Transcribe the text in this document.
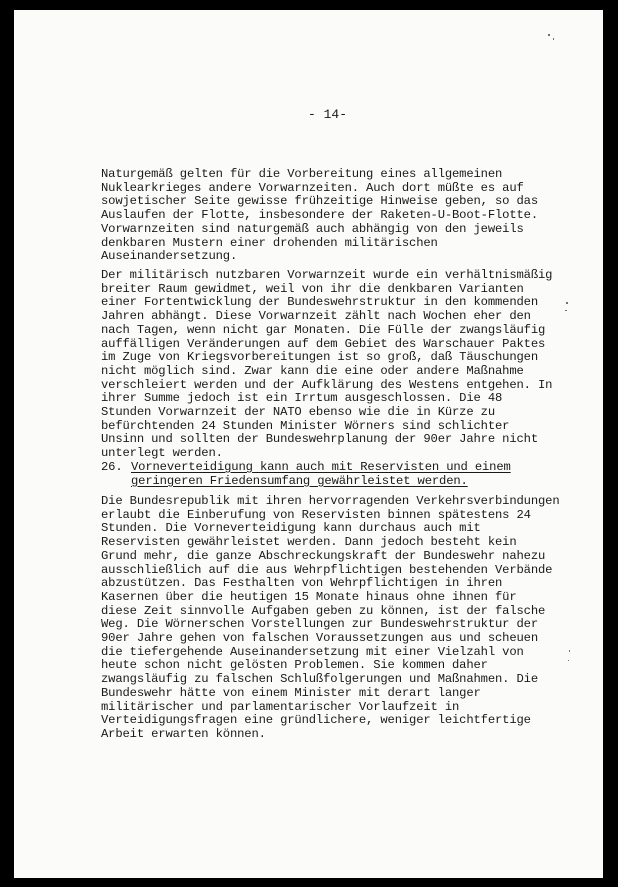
- 14-
Naturgemäß gelten für die Vorbereitung eines allgemeinen
Nuklearkrieges andere Vorwarnzeiten. Auch dort müßte es auf
sowjetischer Seite gewisse frühzeitige Hinweise geben, so das
Auslaufen der Flotte, insbesondere der Raketen-U-Boot-Flotte.
Vorwarnzeiten sind naturgemäß auch abhängig von den jeweils
denkbaren Mustern einer drohenden militärischen
Auseinandersetzung.
Der militärisch nutzbaren Vorwarnzeit wurde ein verhältnismäßig
breiter Raum gewidmet, weil von ihr die denkbaren Varianten
einer Fortentwicklung der Bundeswehrstruktur in den kommenden
Jahren abhängt. Diese Vorwarnzeit zählt nach Wochen eher den
nach Tagen, wenn nicht gar Monaten. Die Fülle der zwangsläufig
auffälligen Veränderungen auf dem Gebiet des Warschauer Paktes
im Zuge von Kriegsvorbereitungen ist so groß, daß Täuschungen
nicht möglich sind. Zwar kann die eine oder andere Maßnahme
verschleiert werden und der Aufklärung des Westens entgehen. In
ihrer Summe jedoch ist ein Irrtum ausgeschlossen. Die 48
Stunden Vorwarnzeit der NATO ebenso wie die in Kürze zu
befürchtenden 24 Stunden Minister Wörners sind schlichter
Unsinn und sollten der Bundeswehrplanung der 90er Jahre nicht
unterlegt werden.
26. Vorneverteidigung kann auch mit Reservisten und einem
geringeren Friedensumfang gewährleistet werden.
Die Bundesrepublik mit ihren hervorragenden Verkehrsverbindungen
erlaubt die Einberufung von Reservisten binnen spätestens 24
Stunden. Die Vorneverteidigung kann durchaus auch mit
Reservisten gewährleistet werden. Dann jedoch besteht kein
Grund mehr, die ganze Abschreckungskraft der Bundeswehr nahezu
ausschließlich auf die aus Wehrpflichtigen bestehenden Verbände
abzustützen. Das Festhalten von Wehrpflichtigen in ihren
Kasernen über die heutigen 15 Monate hinaus ohne ihnen für
diese Zeit sinnvolle Aufgaben geben zu können, ist der falsche
Weg. Die Wörnerschen Vorstellungen zur Bundeswehrstruktur der
90er Jahre gehen von falschen Voraussetzungen aus und scheuen
die tiefergehende Auseinandersetzung mit einer Vielzahl von
heute schon nicht gelösten Problemen. Sie kommen daher
zwangsläufig zu falschen Schlußfolgerungen und Maßnahmen. Die
Bundeswehr hätte von einem Minister mit derart langer
militärischer und parlamentarischer Vorlaufzeit in
Verteidigungsfragen eine gründlichere, weniger leichtfertige
Arbeit erwarten können.
